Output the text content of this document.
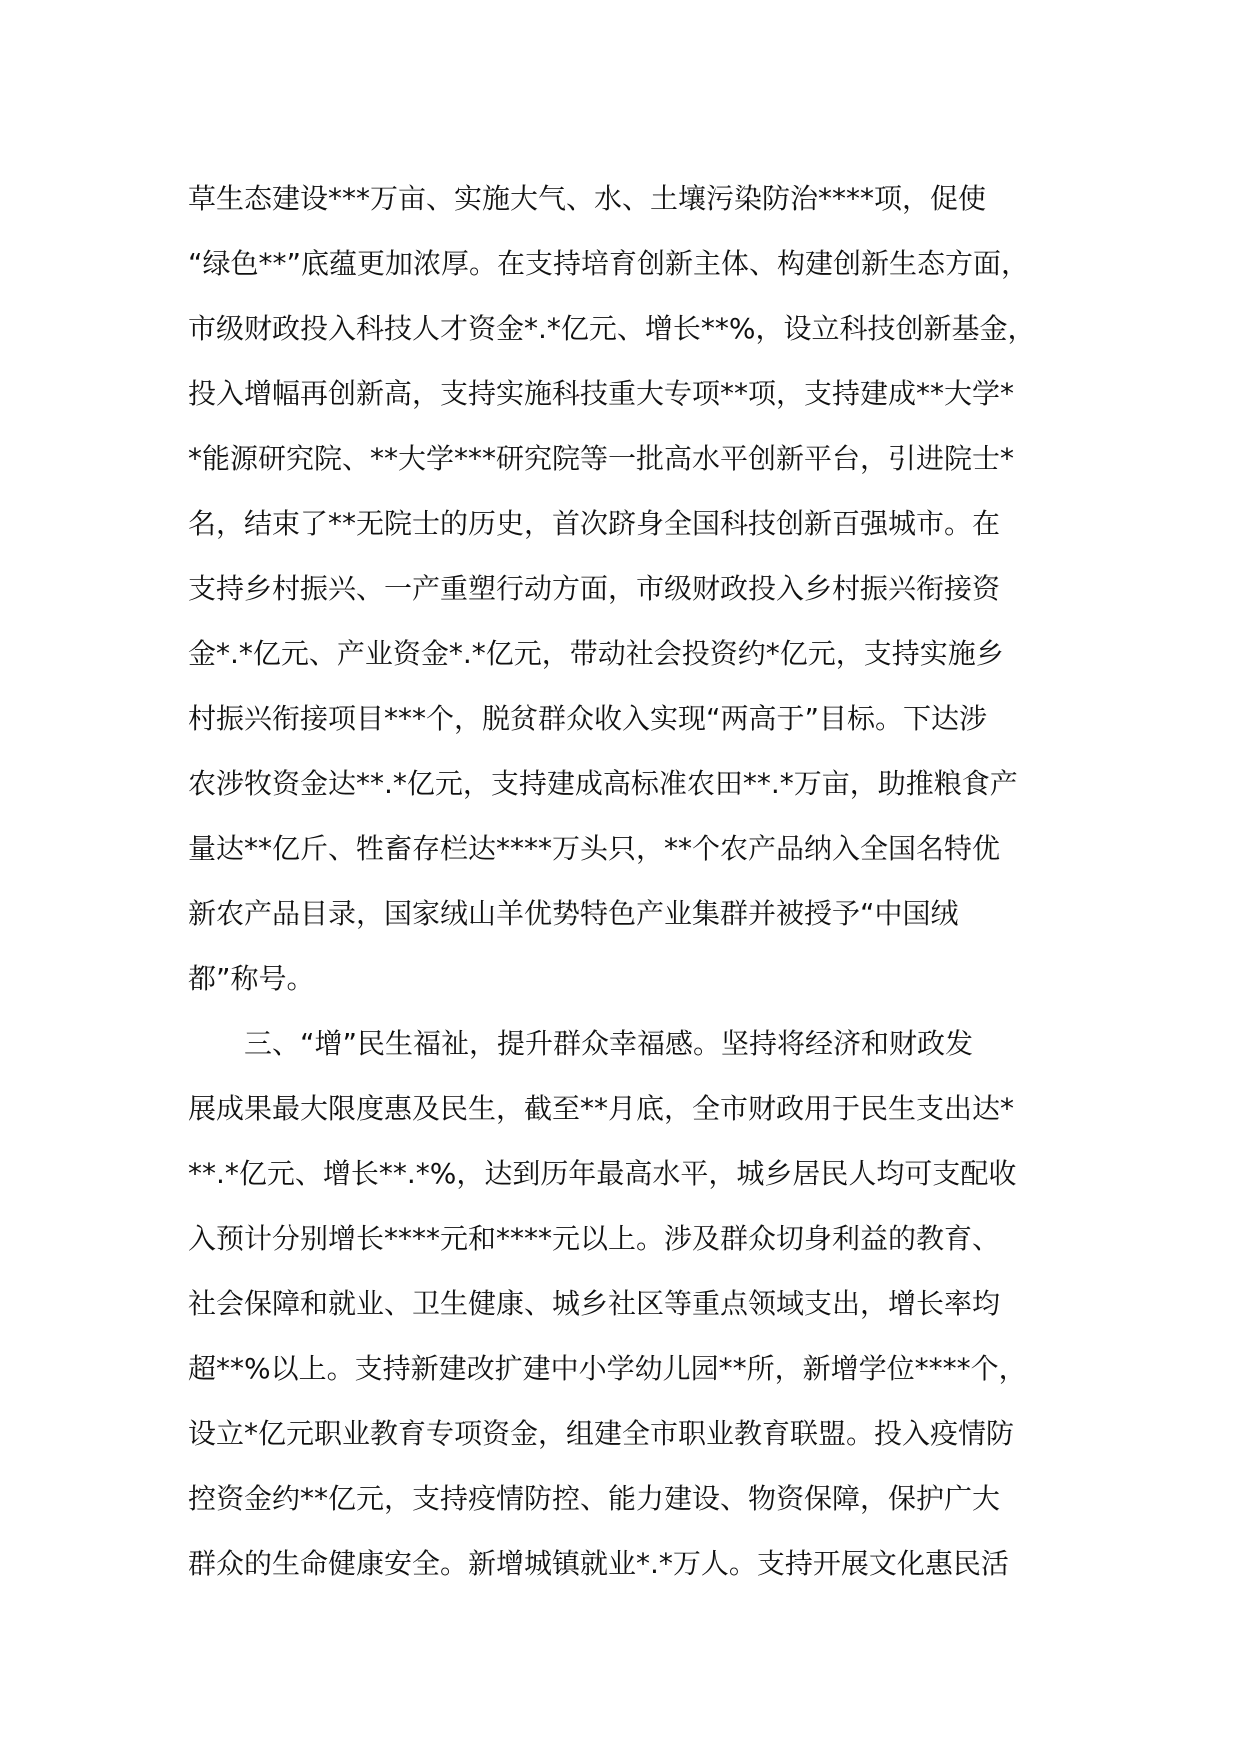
草生态建设***万亩、实施大气、水、土壤污染防治****项，促使
“绿色**”底蕴更加浓厚。在支持培育创新主体、构建创新生态方面，
市级财政投入科技人才资金*.*亿元、增长**%，设立科技创新基金，
投入增幅再创新高，支持实施科技重大专项**项，支持建成**大学*
*能源研究院、**大学***研究院等一批高水平创新平台，引进院士*
名，结束了**无院士的历史，首次跻身全国科技创新百强城市。在
支持乡村振兴、一产重塑行动方面，市级财政投入乡村振兴衔接资
金*.*亿元、产业资金*.*亿元，带动社会投资约*亿元，支持实施乡
村振兴衔接项目***个，脱贫群众收入实现“两高于”目标。下达涉
农涉牧资金达**.*亿元，支持建成高标准农田**.*万亩，助推粮食产
量达**亿斤、牲畜存栏达****万头只，**个农产品纳入全国名特优
新农产品目录，国家绒山羊优势特色产业集群并被授予“中国绒
都”称号。
　　三、“增”民生福祉，提升群众幸福感。坚持将经济和财政发
展成果最大限度惠及民生，截至**月底，全市财政用于民生支出达*
**.*亿元、增长**.*%，达到历年最高水平，城乡居民人均可支配收
入预计分别增长****元和****元以上。涉及群众切身利益的教育、
社会保障和就业、卫生健康、城乡社区等重点领域支出，增长率均
超**%以上。支持新建改扩建中小学幼儿园**所，新增学位****个，
设立*亿元职业教育专项资金，组建全市职业教育联盟。投入疫情防
控资金约**亿元，支持疫情防控、能力建设、物资保障，保护广大
群众的生命健康安全。新增城镇就业*.*万人。支持开展文化惠民活
